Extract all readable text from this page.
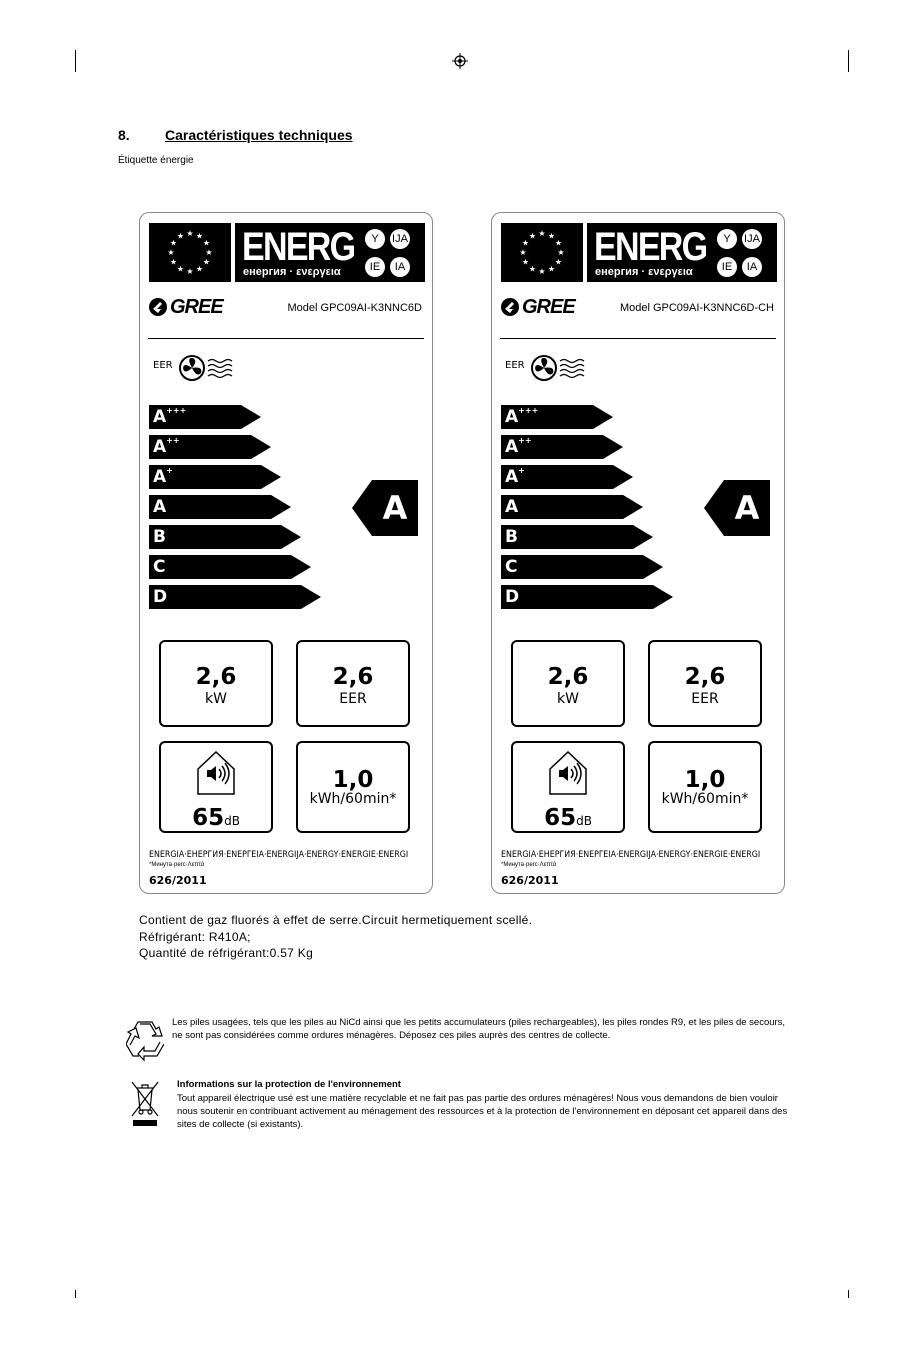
8.	Caractéristiques techniques
Étiquette énergie
★
★
★
★
★
★
★
★
★ ★ ★
★ ENERG
енергия · ενεργεια
Y	IJA
IE	IA
GREE	Model GPC09AI-K3NNC6D
EER
A+++
A++
A+
A
B
C
D
A
2,6
kW
2,6
EER
65dB
1,0
kWh/60min*
ENERGIA·ЕНЕРГИЯ·ΕΝΕΡΓΕΙΑ·ENERGIJA·ENERGY·ENERGIE·ENERGI
*Минута·perc·Λεπτά
626/2011
★
★
★
★
★
★
★
★
★ ★ ★
★ ENERG
енергия · ενεργεια
Y	IJA
IE	IA
GREE	Model GPC09AI-K3NNC6D-CH
EER
A+++
A++
A+
A
B
C
D
A
2,6
kW
2,6
EER
65dB
1,0
kWh/60min*
ENERGIA·ЕНЕРГИЯ·ΕΝΕΡΓΕΙΑ·ENERGIJA·ENERGY·ENERGIE·ENERGI
*Минута·perc·Λεπτά
626/2011
Contient de gaz fluorés à effet de serre.Circuit hermetiquement scellé.
Réfrigérant: R410A;
Quantité de réfrigérant:0.57 Kg
Les piles usagées, tels que les piles au NiCd ainsi que les petits accumulateurs (piles rechargeables), les piles rondes R9, et les piles de secours,
ne sont pas considérées comme ordures ménagères. Déposez ces piles auprès des centres de collecte.
Informations sur la protection de l'environnement
Tout appareil électrique usé est une matière recyclable et ne fait pas pas partie des ordures ménagères! Nous vous demandons de bien vouloir
nous soutenir en contribuant activement au ménagement des ressources et à la protection de l'environnement en déposant cet appareil dans des
sites de collecte (si existants).
